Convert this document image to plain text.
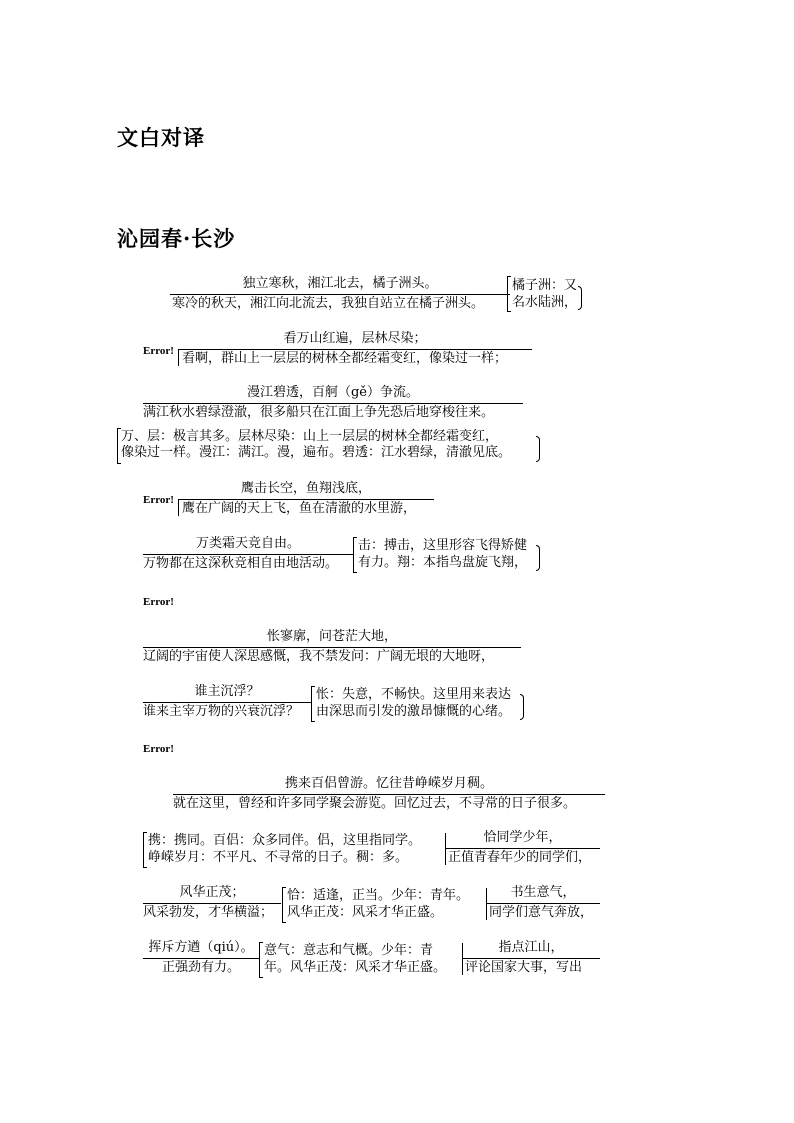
文白对译
沁园春·长沙
独立寒秋，湘江北去，橘子洲头。
寒冷的秋天，湘江向北流去，我独自站立在橘子洲头。
橘子洲：又
名水陆洲，
Error!
看万山红遍，层林尽染；
看啊，群山上一层层的树林全都经霜变红，像染过一样；
漫江碧透，百舸（gě）争流。
满江秋水碧绿澄澈，很多船只在江面上争先恐后地穿梭往来。
万、层：极言其多。层林尽染：山上一层层的树林全都经霜变红，
像染过一样。漫江：满江。漫，遍布。碧透：江水碧绿，清澈见底。
Error!
鹰击长空，鱼翔浅底，
鹰在广阔的天上飞，鱼在清澈的水里游，
万类霜天竞自由。
万物都在这深秋竞相自由地活动。
击：搏击，这里形容飞得矫健
有力。翔：本指鸟盘旋飞翔，
Error!
怅寥廓，问苍茫大地，
辽阔的宇宙使人深思感慨，我不禁发问：广阔无垠的大地呀，
谁主沉浮？
谁来主宰万物的兴衰沉浮？
怅：失意，不畅快。这里用来表达
由深思而引发的激昂慷慨的心绪。
Error!
携来百侣曾游。忆往昔峥嵘岁月稠。
就在这里，曾经和许多同学聚会游览。回忆过去，不寻常的日子很多。
携：携同。百侣：众多同伴。侣，这里指同学。
峥嵘岁月：不平凡、不寻常的日子。稠：多。
恰同学少年，
正值青春年少的同学们，
风华正茂；
风采勃发，才华横溢；
恰：适逢，正当。少年：青年。
风华正茂：风采才华正盛。
书生意气，
同学们意气奔放，
挥斥方遒（qiú）。
正强劲有力。
意气：意志和气概。少年：青
年。风华正茂：风采才华正盛。
指点江山，
评论国家大事，写出
